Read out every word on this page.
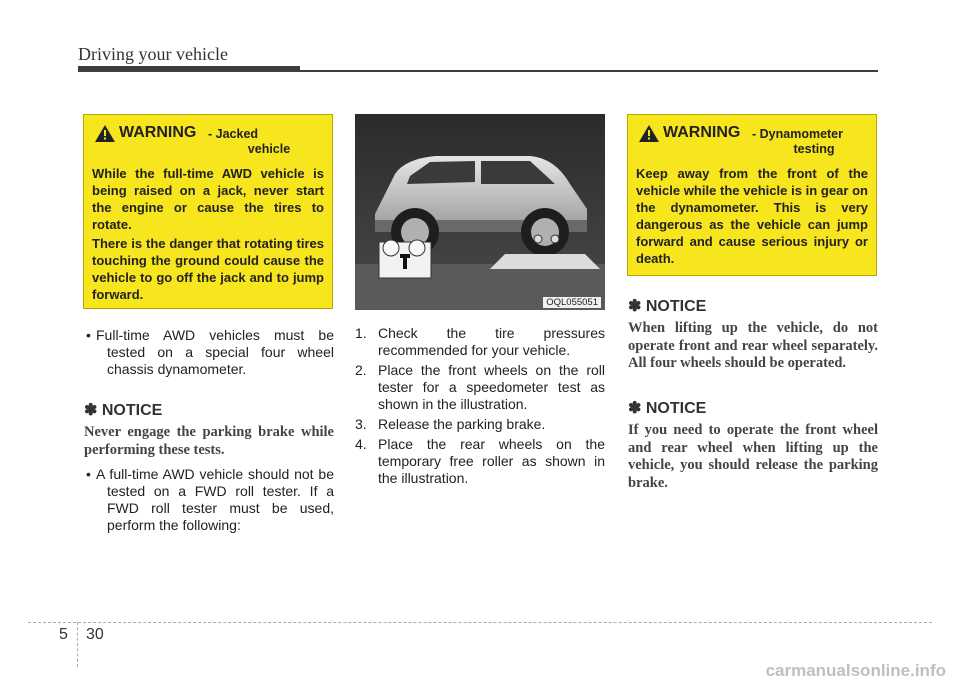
Driving your vehicle
WARNING - Jacked
vehicle
While the full-time AWD vehicle is being raised on a jack, never start the engine or cause the tires to rotate.
There is the danger that rotating tires touching the ground could cause the vehicle to go off the jack and to jump forward.
• Full-time AWD vehicles must be tested on a special four wheel chassis dynamometer.
✽ NOTICE
Never engage the parking brake while performing these tests.
• A full-time AWD vehicle should not be tested on a FWD roll tester. If a FWD roll tester must be used, perform the following:
OQL055051
1. Check the tire pressures recommended for your vehicle.
2. Place the front wheels on the roll tester for a speedometer test as shown in the illustration.
3. Release the parking brake.
4. Place the rear wheels on the temporary free roller as shown in the illustration.
WARNING - Dynamometer
testing
Keep away from the front of the vehicle while the vehicle is in gear on the dynamometer. This is very dangerous as the vehicle can jump forward and cause serious injury or death.
✽ NOTICE
When lifting up the vehicle, do not operate front and rear wheel separately. All four wheels should be operated.
✽ NOTICE
If you need to operate the front wheel and rear wheel when lifting up the vehicle, you should release the parking brake.
5 30
carmanualsonline.info
